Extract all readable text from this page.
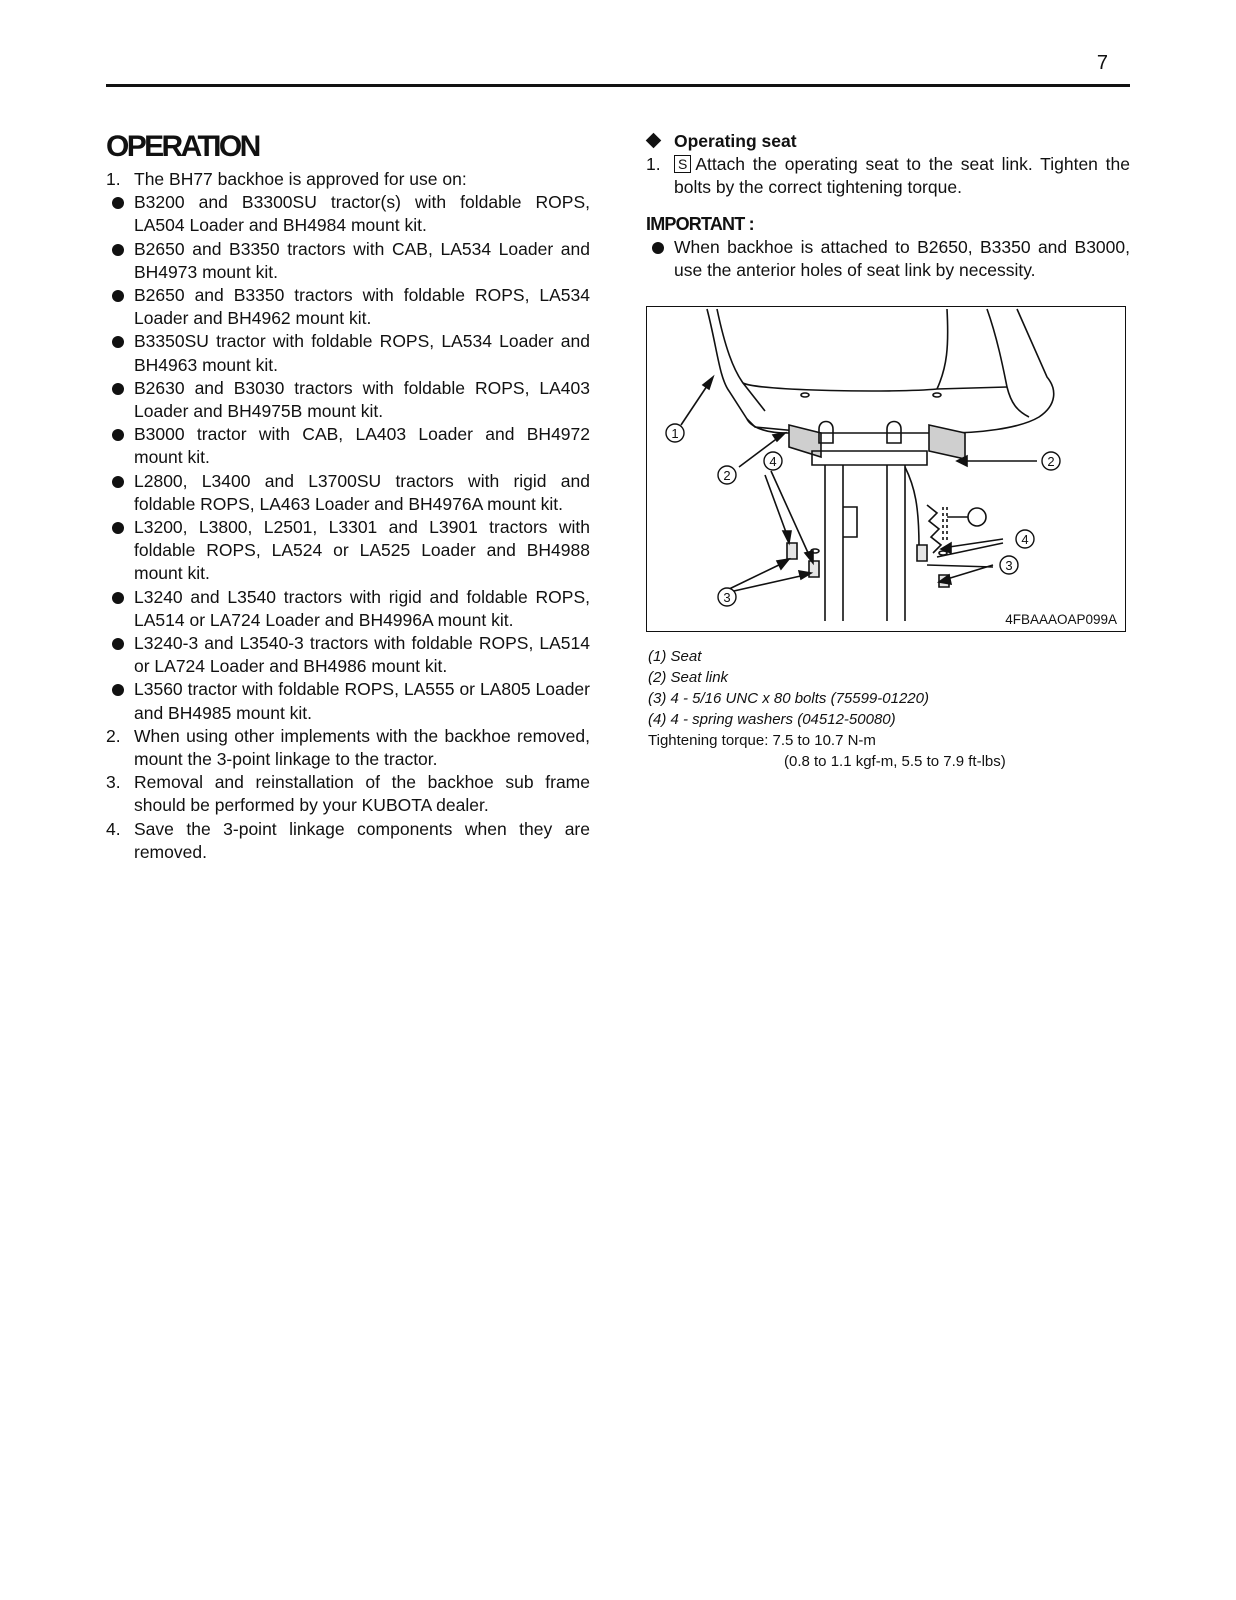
7
OPERATION
1. The BH77 backhoe is approved for use on:
B3200 and B3300SU tractor(s) with foldable ROPS, LA504 Loader and BH4984 mount kit.
B2650 and B3350 tractors with CAB, LA534 Loader and BH4973 mount kit.
B2650 and B3350 tractors with foldable ROPS, LA534 Loader and BH4962 mount kit.
B3350SU tractor with foldable ROPS, LA534 Loader and BH4963 mount kit.
B2630 and B3030 tractors with foldable ROPS, LA403 Loader and BH4975B mount kit.
B3000 tractor with CAB, LA403 Loader and BH4972 mount kit.
L2800, L3400 and L3700SU tractors with rigid and foldable ROPS, LA463 Loader and BH4976A mount kit.
L3200, L3800, L2501, L3301 and L3901 tractors with foldable ROPS, LA524 or LA525 Loader and BH4988 mount kit.
L3240 and L3540 tractors with rigid and foldable ROPS, LA514 or LA724 Loader and BH4996A mount kit.
L3240-3 and L3540-3 tractors with foldable ROPS, LA514 or LA724 Loader and BH4986 mount kit.
L3560 tractor with foldable ROPS, LA555 or LA805 Loader and BH4985 mount kit.
2. When using other implements with the backhoe removed, mount the 3-point linkage to the tractor.
3. Removal and reinstallation of the backhoe sub frame should be performed by your KUBOTA dealer.
4. Save the 3-point linkage components when they are removed.
Operating seat
1. S Attach the operating seat to the seat link. Tighten the bolts by the correct tightening torque.
IMPORTANT :
When backhoe is attached to B2650, B3350 and B3000, use the anterior holes of seat link by necessity.
1
2
4	2
4
3
3
4FBAAAOAP099A
(1) Seat
(2) Seat link
(3) 4 - 5/16 UNC x 80 bolts (75599-01220)
(4) 4 - spring washers (04512-50080)
Tightening torque: 7.5 to 10.7 N-m
(0.8 to 1.1 kgf-m, 5.5 to 7.9 ft-lbs)
